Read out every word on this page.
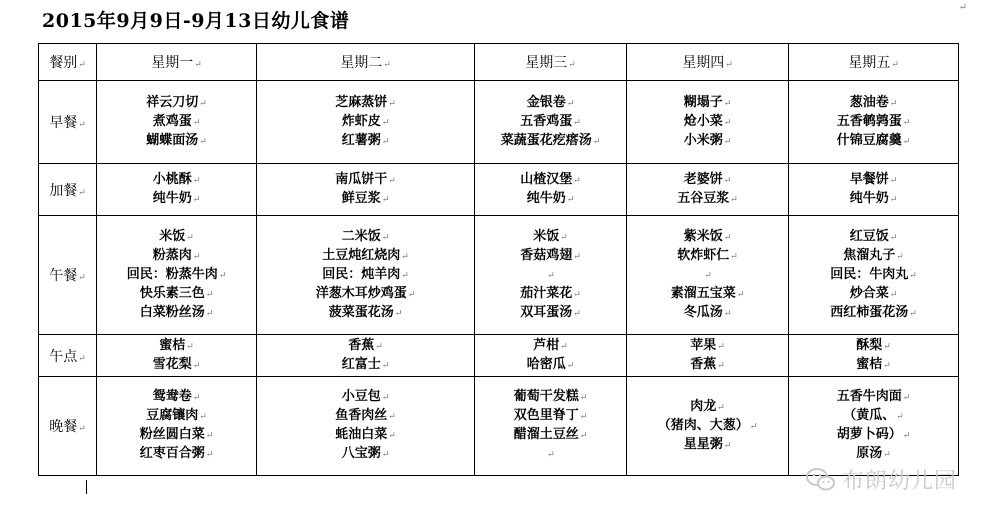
2015年9月9日-9月13日幼儿食谱
↵
餐别↵	星期一↵	星期二↵	星期三↵	星期四↵	星期五↵
早餐↵	祥云刀切↵
煮鸡蛋↵
蝴蝶面汤↵	芝麻蒸饼↵
炸虾皮↵
红薯粥↵	金银卷↵
五香鸡蛋↵
菜蔬蛋花疙瘩汤↵	糊塌子↵
炝小菜↵
小米粥↵	葱油卷↵
五香鹌鹑蛋↵
什锦豆腐羹↵

加餐↵	小桃酥↵
纯牛奶↵	南瓜饼干↵
鲜豆浆↵	山楂汉堡↵
纯牛奶↵	老婆饼↵
五谷豆浆↵	早餐饼↵
纯牛奶↵

午餐↵	米饭↵
粉蒸肉↵
回民：粉蒸牛肉↵
快乐素三色↵
白菜粉丝汤↵	二米饭↵
土豆炖红烧肉↵
回民：炖羊肉↵
洋葱木耳炒鸡蛋↵
菠菜蛋花汤↵	米饭↵
香菇鸡翅↵
↵
茄汁菜花↵
双耳蛋汤↵	紫米饭↵
软炸虾仁↵
↵
素溜五宝菜↵
冬瓜汤↵	红豆饭↵
焦溜丸子↵
回民：牛肉丸↵
炒合菜↵
西红柿蛋花汤↵

午点↵	蜜桔↵
雪花梨↵	香蕉↵
红富士↵	芦柑↵
哈密瓜↵	苹果↵
香蕉↵	酥梨↵
蜜桔↵

晚餐↵	鸳鸯卷↵
豆腐镶肉↵
粉丝圆白菜↵
红枣百合粥↵	小豆包↵
鱼香肉丝↵
蚝油白菜↵
八宝粥↵	葡萄干发糕↵
双色里脊丁↵
醋溜土豆丝↵
↵	肉龙↵
（猪肉、大葱）↵
星星粥↵	五香牛肉面↵
（黄瓜、↵
胡萝卜码）↵
原汤↵
布朗幼儿园
